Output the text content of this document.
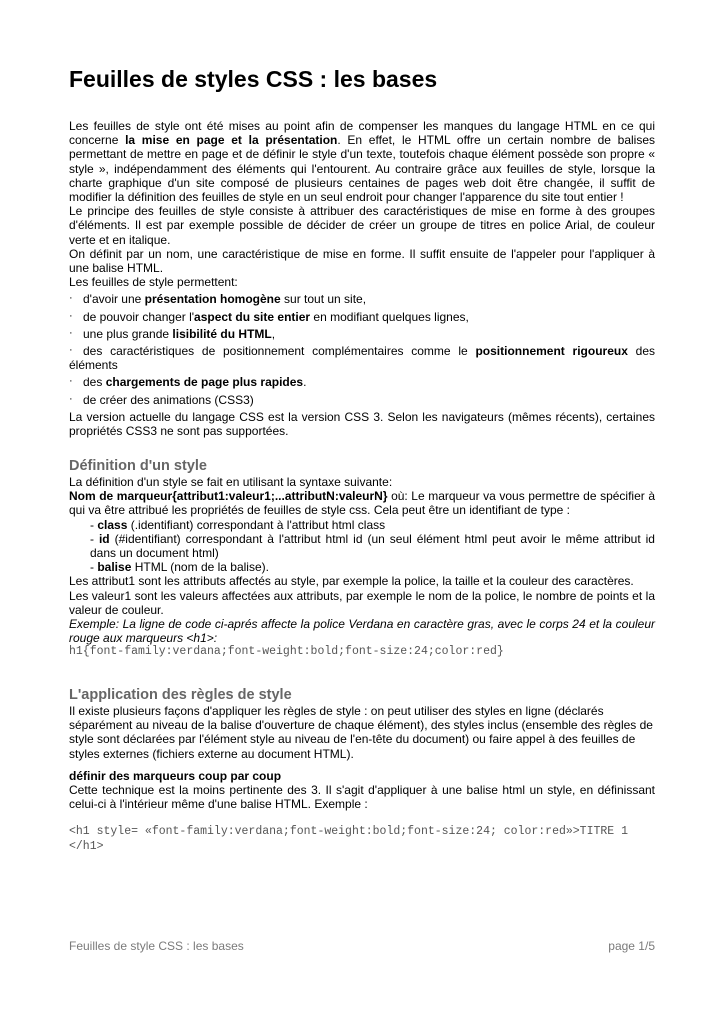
Feuilles de styles CSS : les bases
Les feuilles de style ont été mises au point afin de compenser les manques du langage HTML en ce qui concerne la mise en page et la présentation. En effet, le HTML offre un certain nombre de balises permettant de mettre en page et de définir le style d'un texte, toutefois chaque élément possède son propre « style », indépendamment des éléments qui l'entourent. Au contraire grâce aux feuilles de style, lorsque la charte graphique d'un site composé de plusieurs centaines de pages web doit être changée, il suffit de modifier la définition des feuilles de style en un seul endroit pour changer l'apparence du site tout entier !
Le principe des feuilles de style consiste à attribuer des caractéristiques de mise en forme à des groupes d'éléments. Il est par exemple possible de décider de créer un groupe de titres en police Arial, de couleur verte et en italique.
On définit par un nom, une caractéristique de mise en forme. Il suffit ensuite de l'appeler pour l'appliquer à une balise HTML.
Les feuilles de style permettent:
· d'avoir une présentation homogène sur tout un site,
· de pouvoir changer l'aspect du site entier en modifiant quelques lignes,
· une plus grande lisibilité du HTML,
· des caractéristiques de positionnement complémentaires comme le positionnement rigoureux des éléments
· des chargements de page plus rapides.
· de créer des animations (CSS3)
La version actuelle du langage CSS est la version CSS 3. Selon les navigateurs (mêmes récents), certaines propriétés CSS3 ne sont pas supportées.
Définition d'un style
La définition d'un style se fait en utilisant la syntaxe suivante:
Nom de marqueur{attribut1:valeur1;...attributN:valeurN} où: Le marqueur va vous permettre de spécifier à qui va être attribué les propriétés de feuilles de style css. Cela peut être un identifiant de type :
- class (.identifiant) correspondant à l'attribut html class
- id (#identifiant) correspondant à l'attribut html id (un seul élément html peut avoir le même attribut id dans un document html)
- balise HTML (nom de la balise).
Les attribut1 sont les attributs affectés au style, par exemple la police, la taille et la couleur des caractères.
Les valeur1 sont les valeurs affectées aux attributs, par exemple le nom de la police, le nombre de points et la valeur de couleur.
Exemple: La ligne de code ci-aprés affecte la police Verdana en caractère gras, avec le corps 24 et la couleur rouge aux marqueurs <h1>:
h1{font-family:verdana;font-weight:bold;font-size:24;color:red}
L'application des règles de style
Il existe plusieurs façons d'appliquer les règles de style : on peut utiliser des styles en ligne (déclarés séparément au niveau de la balise d'ouverture de chaque élément), des styles inclus (ensemble des règles de style sont déclarées par l'élément style au niveau de l'en-tête du document) ou faire appel à des feuilles de styles externes (fichiers externe au document HTML).
définir des marqueurs coup par coup
Cette technique est la moins pertinente des 3. Il s'agit d'appliquer à une balise html un style, en définissant celui-ci à l'intérieur même d'une balise HTML. Exemple :
<h1 style= «font-family:verdana;font-weight:bold;font-size:24; color:red»>TITRE 1 </h1>
Feuilles de style CSS : les bases	page 1/5
